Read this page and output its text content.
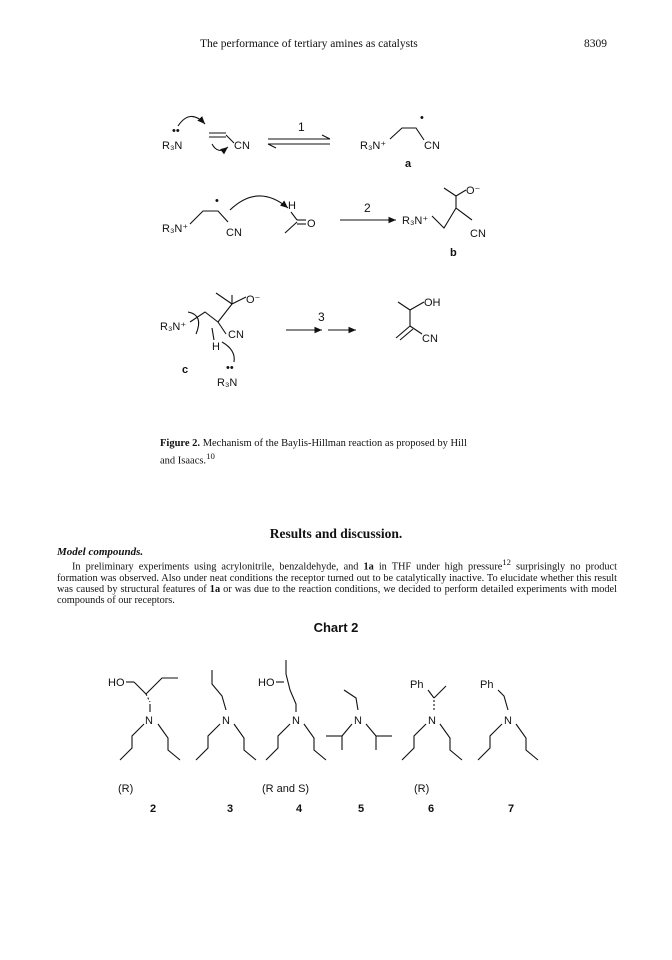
The performance of tertiary amines as catalysts	8309
••
R₃N	CN
1
R₃N⁺
•
CN
a
R₃N⁺
•
CN
H
O
2
R₃N⁺
O⁻
CN
b
R₃N⁺
O⁻
CN
H
••
R₃N
c
3
OH
CN
Figure 2. Mechanism of the Baylis-Hillman reaction as proposed by Hill and Isaacs.$^{10}$
Results and discussion.
Model compounds.
In preliminary experiments using acrylonitrile, benzaldehyde, and 1a in THF under high pressure$^{12}$ surprisingly no product formation was observed. Also under neat conditions the receptor turned out to be catalytically inactive. To elucidate whether this result was caused by structural features of 1a or was due to the reaction conditions, we decided to perform detailed experiments with model compounds of our receptors.
Chart 2
HO
N
(R)
2
N
3
HO
N
(R and S)
4
N
5
Ph
N
(R)
6
Ph
N
7
